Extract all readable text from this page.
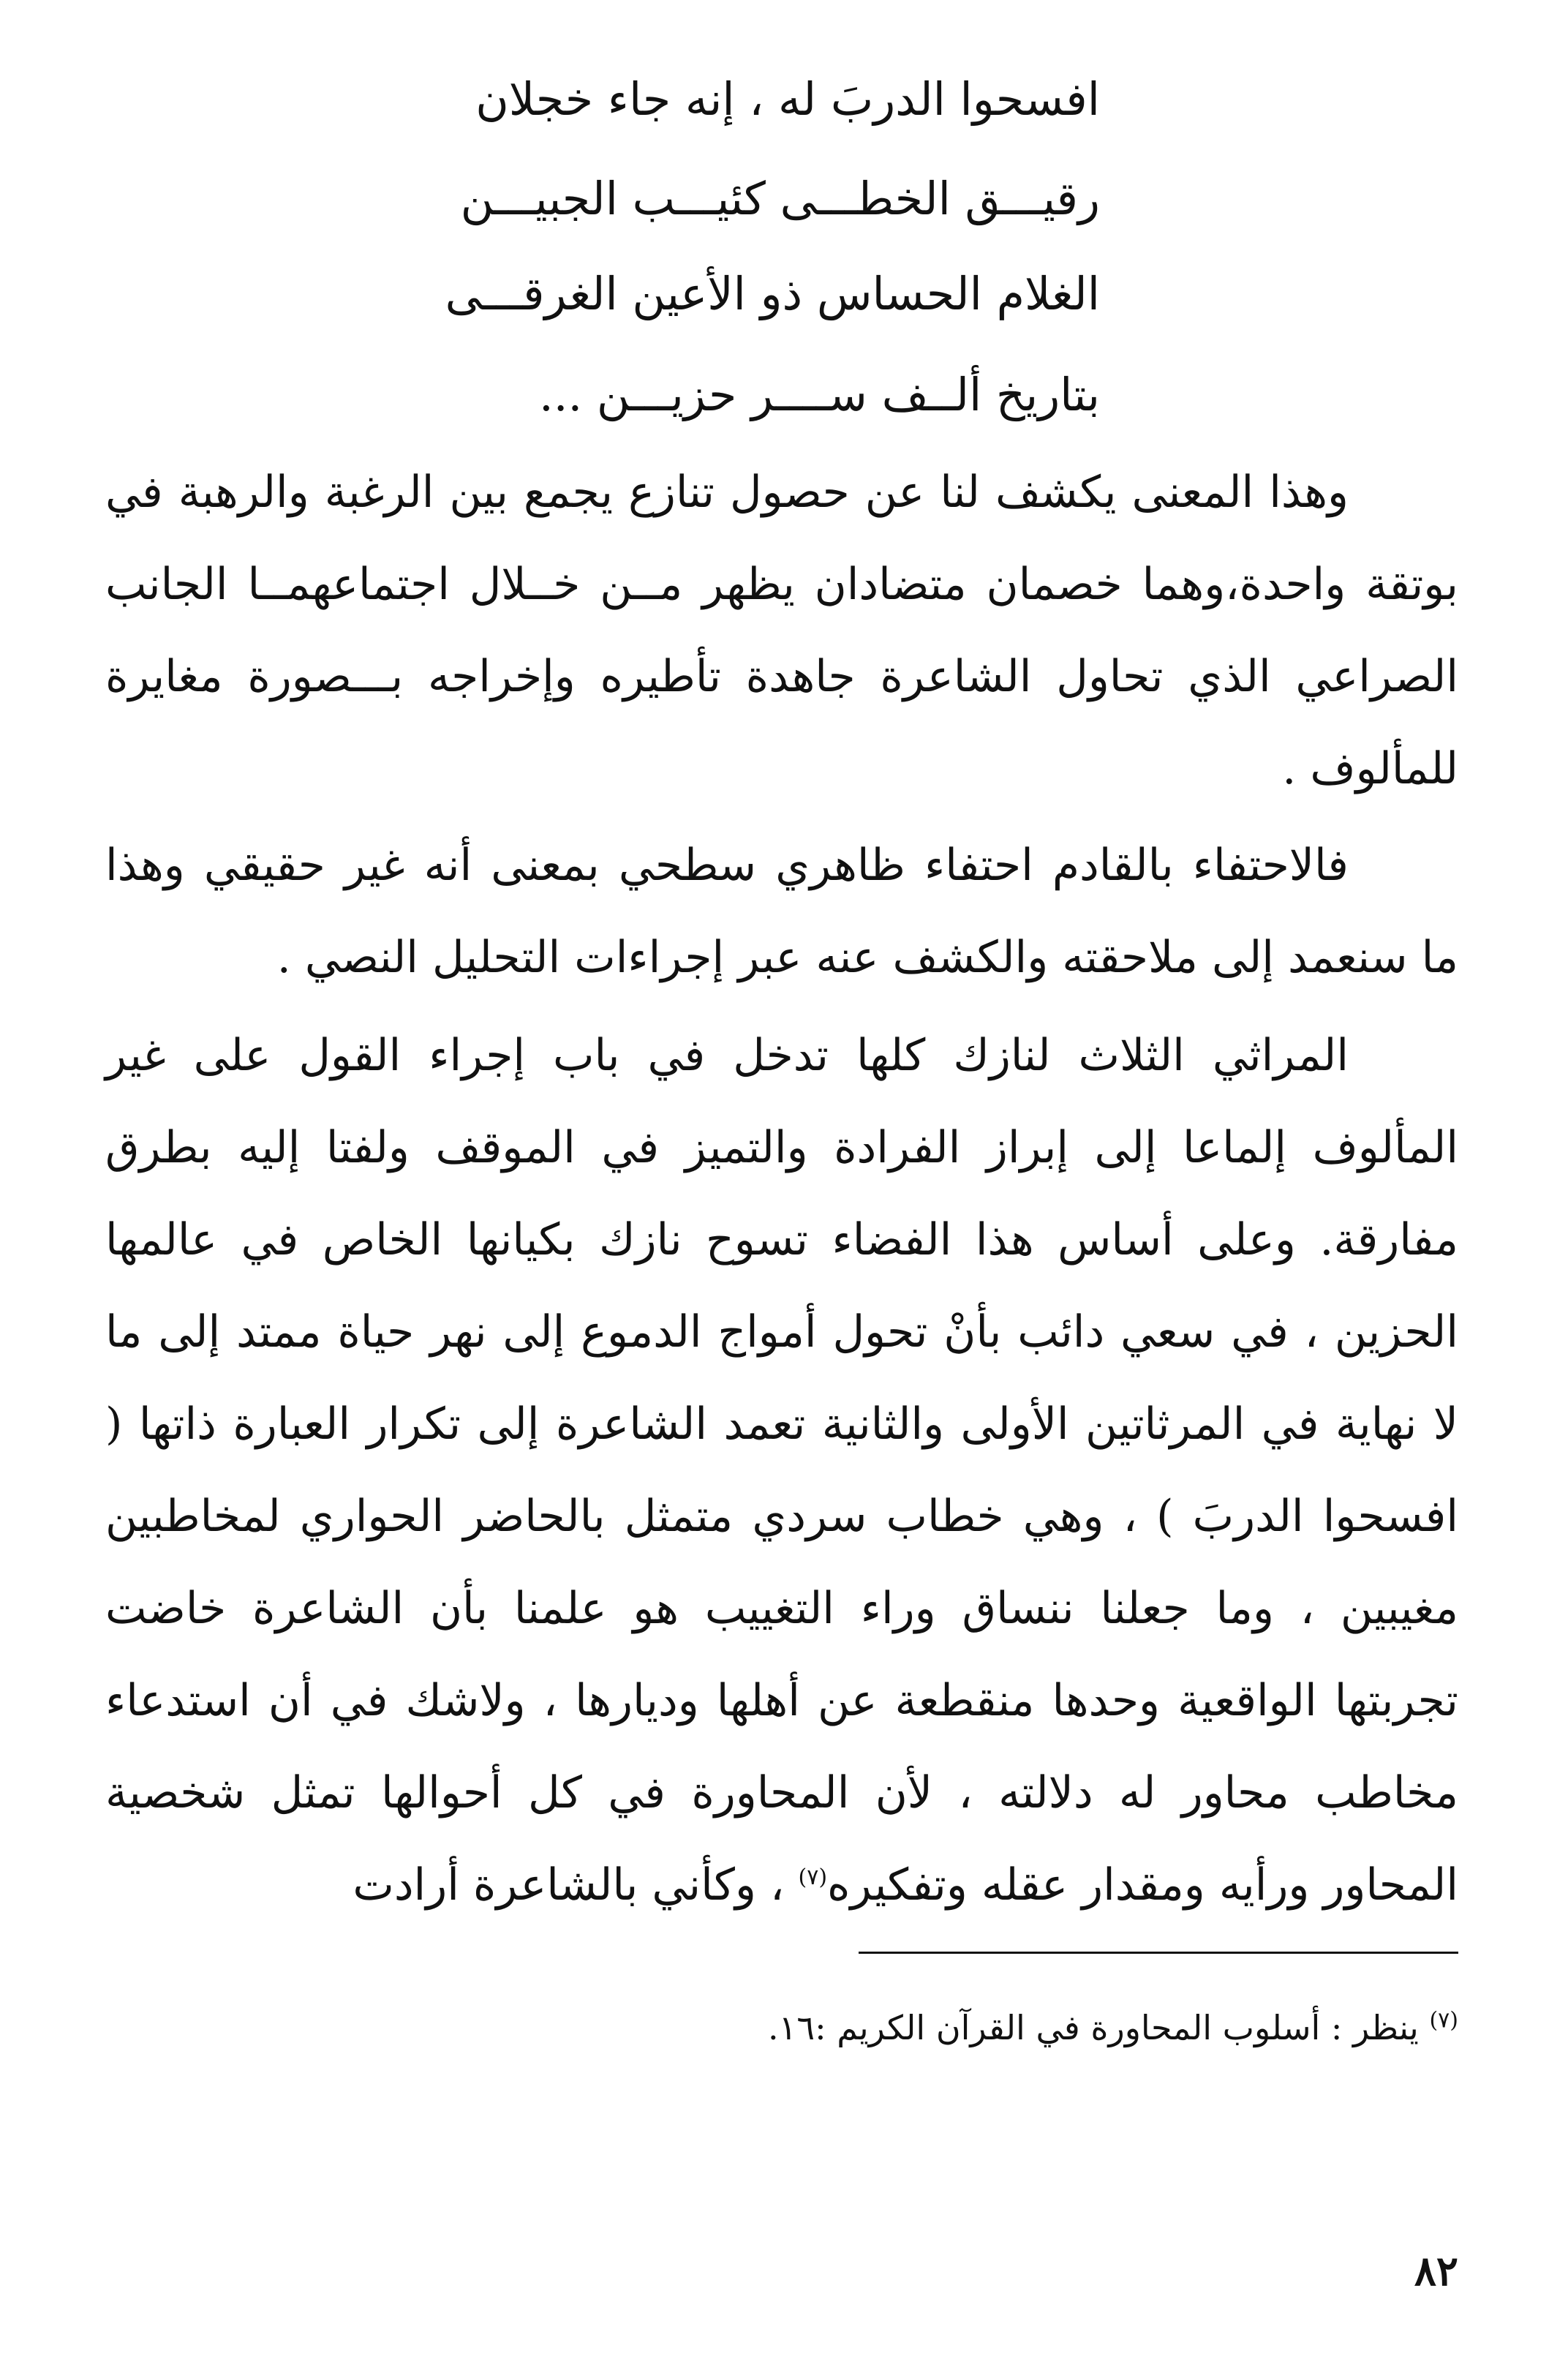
افسحوا الدربَ له ، إنه جاء خجلان
رقيـــق الخطـــى كئيـــب الجبيـــن
الغلام الحساس ذو الأعين الغرقـــى
بتاريخ ألــف ســــر حزيـــن ...
وهذا المعنى يكشف لنا عن حصول تنازع يجمع بين الرغبة والرهبة في بوتقة واحدة،وهما خصمان متضادان يظهر مــن خــلال اجتماعهمــا الجانب الصراعي الذي تحاول الشاعرة جاهدة تأطيره وإخراجه بـــصورة مغايرة للمألوف .
فالاحتفاء بالقادم احتفاء ظاهري سطحي بمعنى أنه غير حقيقي وهذا ما سنعمد إلى ملاحقته والكشف عنه عبر إجراءات التحليل النصي .
المراثي الثلاث لنازك كلها تدخل في باب إجراء القول على غير المألوف إلماعا إلى إبراز الفرادة والتميز في الموقف ولفتا إليه بطرق مفارقة. وعلى أساس هذا الفضاء تسوح نازك بكيانها الخاص في عالمها الحزين ، في سعي دائب بأنْ تحول أمواج الدموع إلى نهر حياة ممتد إلى ما لا نهاية في المرثاتين الأولى والثانية تعمد الشاعرة إلى تكرار العبارة ذاتها ( افسحوا الدربَ ) ، وهي خطاب سردي متمثل بالحاضر الحواري لمخاطبين مغيبين ، وما جعلنا ننساق وراء التغييب هو علمنا بأن الشاعرة خاضت تجربتها الواقعية وحدها منقطعة عن أهلها وديارها ، ولاشك في أن استدعاء مخاطب محاور له دلالته ، لأن المحاورة في كل أحوالها تمثل شخصية المحاور ورأيه ومقدار عقله وتفكيره$^{(٧)}$ ، وكأني بالشاعرة أرادت
$^{(٧)}$ ينظر : أسلوب المحاورة في القرآن الكريم :١٦.
٨٢
